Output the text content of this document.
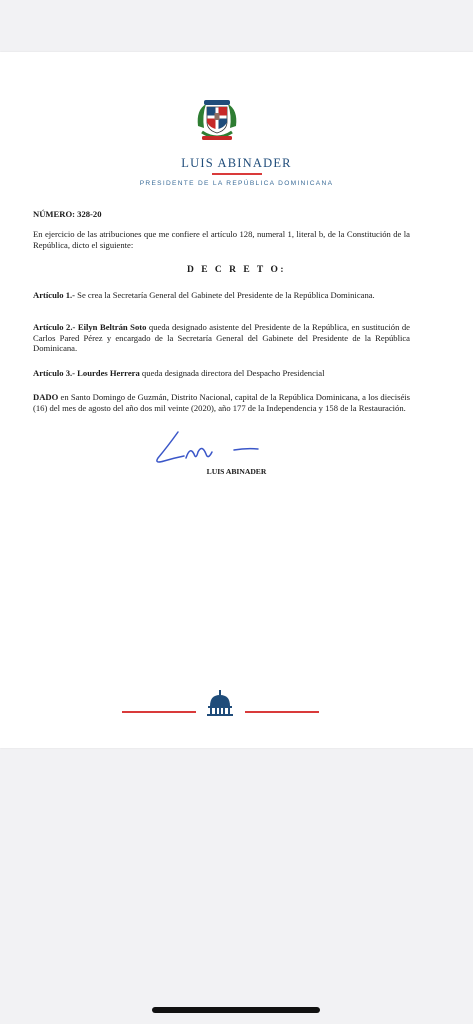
LUIS ABINADER
PRESIDENTE DE LA REPÚBLICA DOMINICANA
NÚMERO: 328-20
En ejercicio de las atribuciones que me confiere el artículo 128, numeral 1, literal b, de la Constitución de la República, dicto el siguiente:
D E C R E T O:
Artículo 1.- Se crea la Secretaría General del Gabinete del Presidente de la República Dominicana.
Artículo 2.- Eilyn Beltrán Soto queda designado asistente del Presidente de la República, en sustitución de Carlos Pared Pérez y encargado de la Secretaría General del Gabinete del Presidente de la República Dominicana.
Artículo 3.- Lourdes Herrera queda designada directora del Despacho Presidencial
DADO en Santo Domingo de Guzmán, Distrito Nacional, capital de la República Dominicana, a los dieciséis (16) del mes de agosto del año dos mil veinte (2020), año 177 de la Independencia y 158 de la Restauración.
LUIS ABINADER
